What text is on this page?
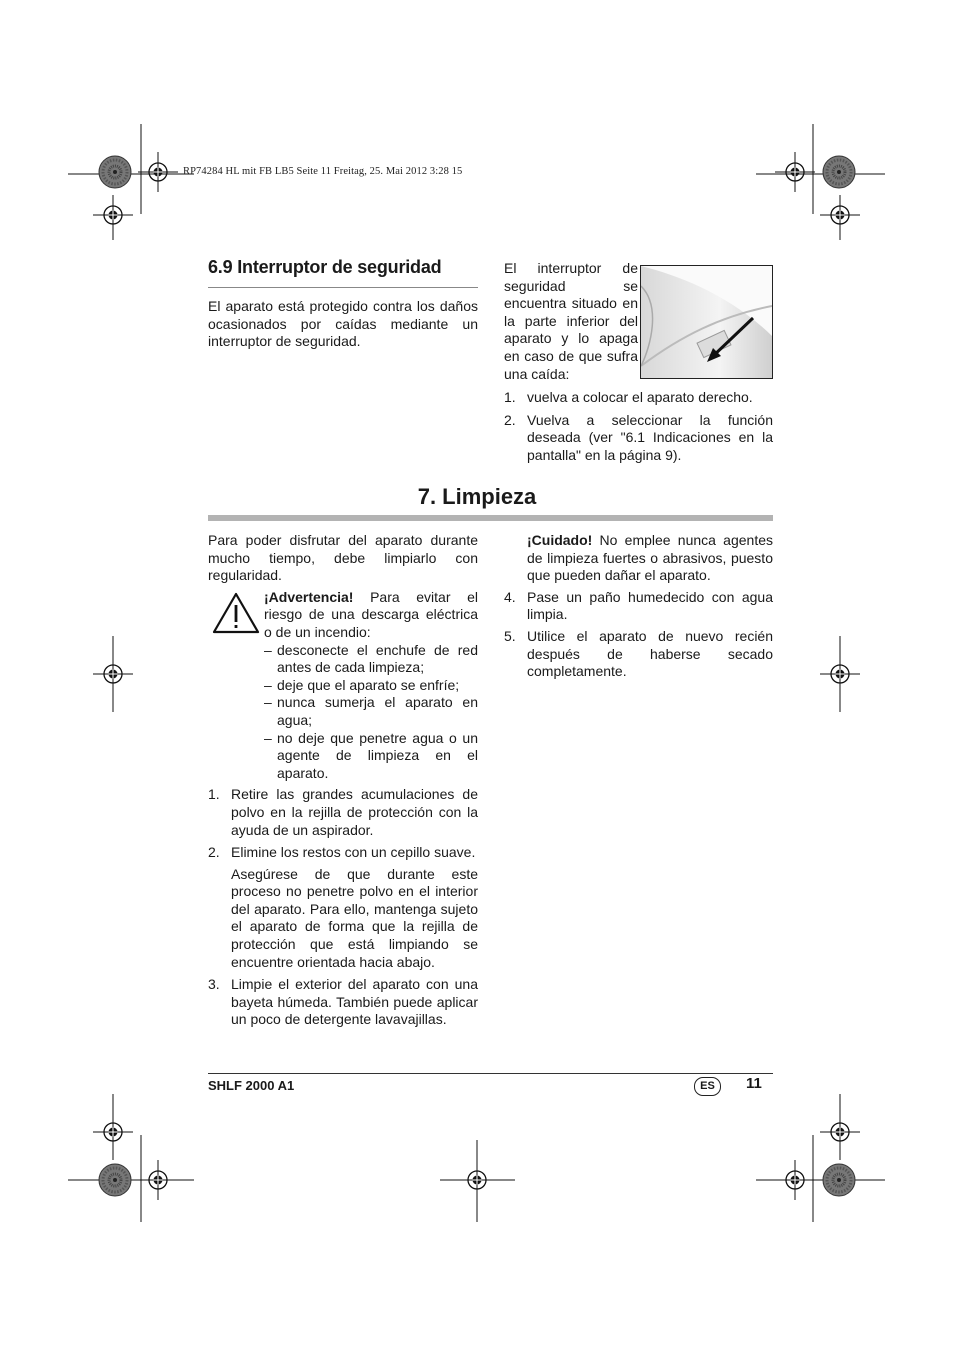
RP74284 HL mit FB LB5 Seite 11 Freitag, 25. Mai 2012 3:28 15
6.9 Interruptor de seguridad

El aparato está protegido contra los daños ocasionados por caídas mediante un interruptor de seguridad.

El interruptor de seguridad se encuentra situado en la parte inferior del aparato y lo apaga en caso de que sufra una caída:

1. vuelva a colocar el aparato derecho.
2. Vuelva a seleccionar la función deseada (ver "6.1 Indicaciones en la pantalla" en la página 9).
7. Limpieza

Para poder disfrutar del aparato durante mucho tiempo, debe limpiarlo con regularidad.

¡Advertencia! Para evitar el riesgo de una descarga eléctrica o de un incendio:

– desconecte el enchufe de red antes de cada limpieza;
– deje que el aparato se enfríe;
– nunca sumerja el aparato en agua;
– no deje que penetre agua o un agente de limpieza en el aparato.
1. Retire las grandes acumulaciones de polvo en la rejilla de protección con la ayuda de un aspirador.
2. Elimine los restos con un cepillo suave.

Asegúrese de que durante este proceso no penetre polvo en el interior del aparato. Para ello, mantenga sujeto el aparato de forma que la rejilla de protección que está limpiando se encuentre orientada hacia abajo.

3. Limpie el exterior del aparato con una bayeta húmeda. También puede aplicar un poco de detergente lavavajillas.

¡Cuidado! No emplee nunca agentes de limpieza fuertes o abrasivos, puesto que pueden dañar el aparato.

4. Pase un paño humedecido con agua limpia.
5. Utilice el aparato de nuevo recién después de haberse secado completamente.
SHLF 2000 A1	ES	11
